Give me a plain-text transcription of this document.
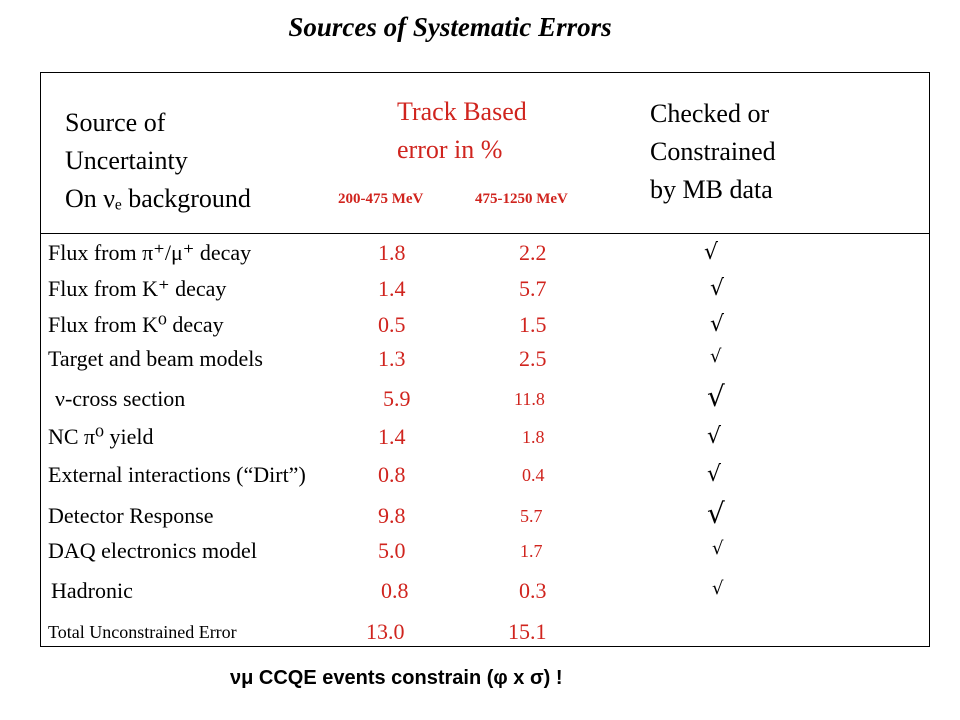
Sources of Systematic Errors
Source of
Uncertainty
On νₑ background
Track Based
error in %
Checked or
Constrained
by MB data
200-475 MeV	475-1250 MeV
Flux from π⁺/μ⁺ decay	1.8	2.2	√
Flux from K⁺ decay	1.4	5.7	√
Flux from K⁰ decay	0.5	1.5	√
Target and beam models	1.3	2.5	√
ν-cross section	5.9	11.8	√
NC π⁰ yield	1.4	1.8	√
External interactions (“Dirt”)	0.8	0.4	√
Detector Response	9.8	5.7	√
DAQ electronics model	5.0	1.7	√
Hadronic	0.8	0.3	√
Total Unconstrained Error	13.0	15.1
νμ CCQE events constrain (φ x σ) !
